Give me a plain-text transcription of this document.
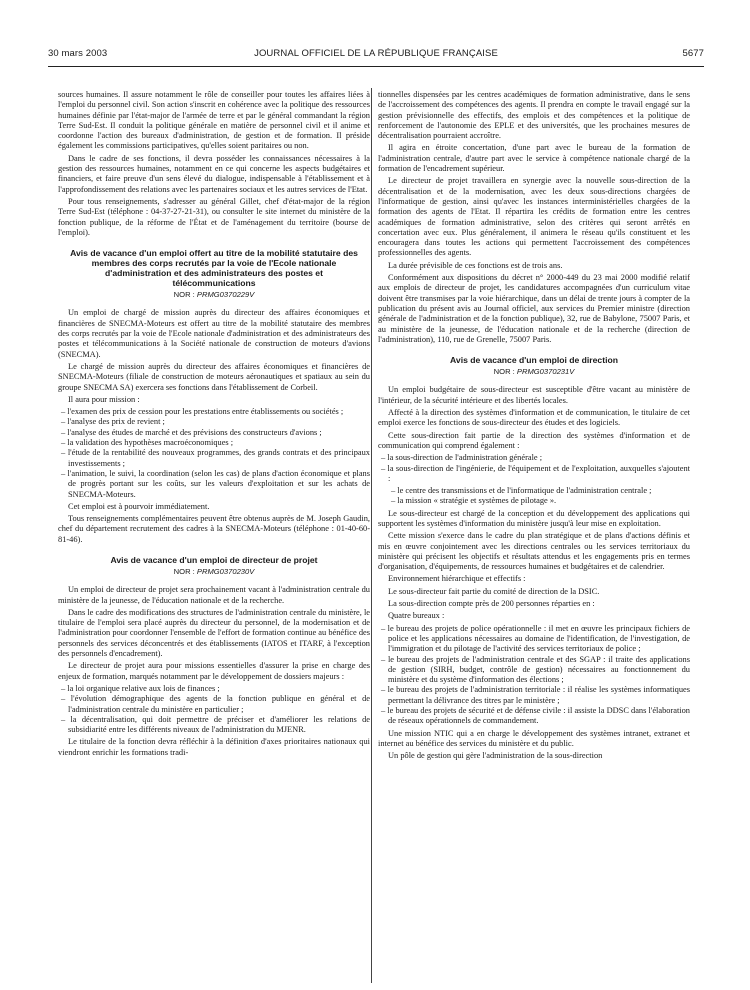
30 mars 2003	JOURNAL OFFICIEL DE LA RÉPUBLIQUE FRANÇAISE	5677

sources humaines. Il assure notamment le rôle de conseiller pour toutes les affaires liées à l'emploi du personnel civil. Son action s'inscrit en cohérence avec la politique des ressources humaines définie par l'état-major de l'armée de terre et par le général commandant la région Terre Sud-Est. Il conduit la politique générale en matière de personnel civil et il anime et coordonne l'action des bureaux d'administration, de gestion et de formation. Il préside également les commissions participatives, qu'elles soient paritaires ou non.

Dans le cadre de ses fonctions, il devra posséder les connaissances nécessaires à la gestion des ressources humaines, notamment en ce qui concerne les aspects budgétaires et financiers, et faire preuve d'un sens élevé du dialogue, indispensable à l'établissement et à l'approfondissement des relations avec les partenaires sociaux et les autres services de l'Etat.

Pour tous renseignements, s'adresser au général Gillet, chef d'état-major de la région Terre Sud-Est (téléphone : 04-37-27-21-31), ou consulter le site internet du ministère de la fonction publique, de la réforme de l'État et de l'aménagement du territoire (bourse de l'emploi).

Avis de vacance d'un emploi offert au titre de la mobilité statutaire des membres des corps recrutés par la voie de l'Ecole nationale d'administration et des administrateurs des postes et télécommunications
NOR : PRMG0370229V

Un emploi de chargé de mission auprès du directeur des affaires économiques et financières de SNECMA-Moteurs est offert au titre de la mobilité statutaire des membres des corps recrutés par la voie de l'Ecole nationale d'administration et des administrateurs des postes et télécommunications à la Société nationale de construction de moteurs d'avions (SNECMA).

Le chargé de mission auprès du directeur des affaires économiques et financières de SNECMA-Moteurs (filiale de construction de moteurs aéronautiques et spatiaux au sein du groupe SNECMA SA) exercera ses fonctions dans l'établissement de Corbeil.

Il aura pour mission :

– l'examen des prix de cession pour les prestations entre établissements ou sociétés ;
– l'analyse des prix de revient ;
– l'analyse des études de marché et des prévisions des constructeurs d'avions ;
– la validation des hypothèses macroéconomiques ;
– l'étude de la rentabilité des nouveaux programmes, des grands contrats et des principaux investissements ;
– l'animation, le suivi, la coordination (selon les cas) de plans d'action économique et plans de progrès portant sur les coûts, sur les valeurs d'exploitation et sur les achats de SNECMA-Moteurs.

Cet emploi est à pourvoir immédiatement.

Tous renseignements complémentaires peuvent être obtenus auprès de M. Joseph Gaudin, chef du département recrutement des cadres à la SNECMA-Moteurs (téléphone : 01-40-60-81-46).

Avis de vacance d'un emploi de directeur de projet
NOR : PRMG0370230V

Un emploi de directeur de projet sera prochainement vacant à l'administration centrale du ministère de la jeunesse, de l'éducation nationale et de la recherche.

Dans le cadre des modifications des structures de l'administration centrale du ministère, le titulaire de l'emploi sera placé auprès du directeur du personnel, de la modernisation et de l'administration pour coordonner l'ensemble de l'effort de formation continue au bénéfice des personnels des services déconcentrés et des établissements (IATOS et ITARF, à l'exception des personnels d'encadrement).

Le directeur de projet aura pour missions essentielles d'assurer la prise en charge des enjeux de formation, marqués notamment par le développement de dossiers majeurs :

– la loi organique relative aux lois de finances ;
– l'évolution démographique des agents de la fonction publique en général et de l'administration centrale du ministère en particulier ;
– la décentralisation, qui doit permettre de préciser et d'améliorer les relations de subsidiarité entre les différents niveaux de l'administration du MJENR.

Le titulaire de la fonction devra réfléchir à la définition d'axes prioritaires nationaux qui viendront enrichir les formations tradi-

tionnelles dispensées par les centres académiques de formation administrative, dans le sens de l'accroissement des compétences des agents. Il prendra en compte le travail engagé sur la gestion prévisionnelle des effectifs, des emplois et des compétences et la politique de renforcement de l'autonomie des EPLE et des universités, que les prochaines mesures de décentralisation pourraient accroître.

Il agira en étroite concertation, d'une part avec le bureau de la formation de l'administration centrale, d'autre part avec le service à compétence nationale chargé de la formation de l'encadrement supérieur.

Le directeur de projet travaillera en synergie avec la nouvelle sous-direction de la décentralisation et de la modernisation, avec les deux sous-directions chargées de l'informatique de gestion, ainsi qu'avec les instances interministérielles chargées de la formation des agents de l'Etat. Il répartira les crédits de formation entre les centres académiques de formation administrative, selon des critères qui seront arrêtés en concertation avec eux. Plus généralement, il animera le réseau qu'ils constituent et les encouragera dans toutes les actions qui permettent l'accroissement des compétences professionnelles des agents.

La durée prévisible de ces fonctions est de trois ans.

Conformément aux dispositions du décret n° 2000-449 du 23 mai 2000 modifié relatif aux emplois de directeur de projet, les candidatures accompagnées d'un curriculum vitae doivent être transmises par la voie hiérarchique, dans un délai de trente jours à compter de la publication du présent avis au Journal officiel, aux services du Premier ministre (direction générale de l'administration et de la fonction publique), 32, rue de Babylone, 75007 Paris, et au ministère de la jeunesse, de l'éducation nationale et de la recherche (direction de l'administration), 110, rue de Grenelle, 75007 Paris.

Avis de vacance d'un emploi de direction
NOR : PRMG0370231V

Un emploi budgétaire de sous-directeur est susceptible d'être vacant au ministère de l'intérieur, de la sécurité intérieure et des libertés locales.

Affecté à la direction des systèmes d'information et de communication, le titulaire de cet emploi exerce les fonctions de sous-directeur des études et des logiciels.

Cette sous-direction fait partie de la direction des systèmes d'information et de communication qui comprend également :

– la sous-direction de l'administration générale ;
– la sous-direction de l'ingénierie, de l'équipement et de l'exploitation, auxquelles s'ajoutent :
– le centre des transmissions et de l'informatique de l'administration centrale ;
– la mission « stratégie et systèmes de pilotage ».

Le sous-directeur est chargé de la conception et du développement des applications qui supportent les systèmes d'information du ministère jusqu'à leur mise en exploitation.

Cette mission s'exerce dans le cadre du plan stratégique et de plans d'actions définis et mis en œuvre conjointement avec les directions centrales ou les services territoriaux du ministère qui précisent les objectifs et résultats attendus et les engagements pris en termes d'organisation, d'équipements, de ressources humaines et budgétaires et de calendrier.

Environnement hiérarchique et effectifs :

Le sous-directeur fait partie du comité de direction de la DSIC.

La sous-direction compte près de 200 personnes réparties en :

Quatre bureaux :

– le bureau des projets de police opérationnelle : il met en œuvre les principaux fichiers de police et les applications nécessaires au domaine de l'identification, de l'investigation, de l'immigration et du pilotage de l'activité des services territoriaux de police ;
– le bureau des projets de l'administration centrale et des SGAP : il traite des applications de gestion (SIRH, budget, contrôle de gestion) nécessaires au fonctionnement du ministère et du système d'information des élections ;
– le bureau des projets de l'administration territoriale : il réalise les systèmes informatiques permettant la délivrance des titres par le ministère ;
– le bureau des projets de sécurité et de défense civile : il assiste la DDSC dans l'élaboration de réseaux opérationnels de commandement.

Une mission NTIC qui a en charge le développement des systèmes intranet, extranet et internet au bénéfice des services du ministère et du public.

Un pôle de gestion qui gère l'administration de la sous-direction
